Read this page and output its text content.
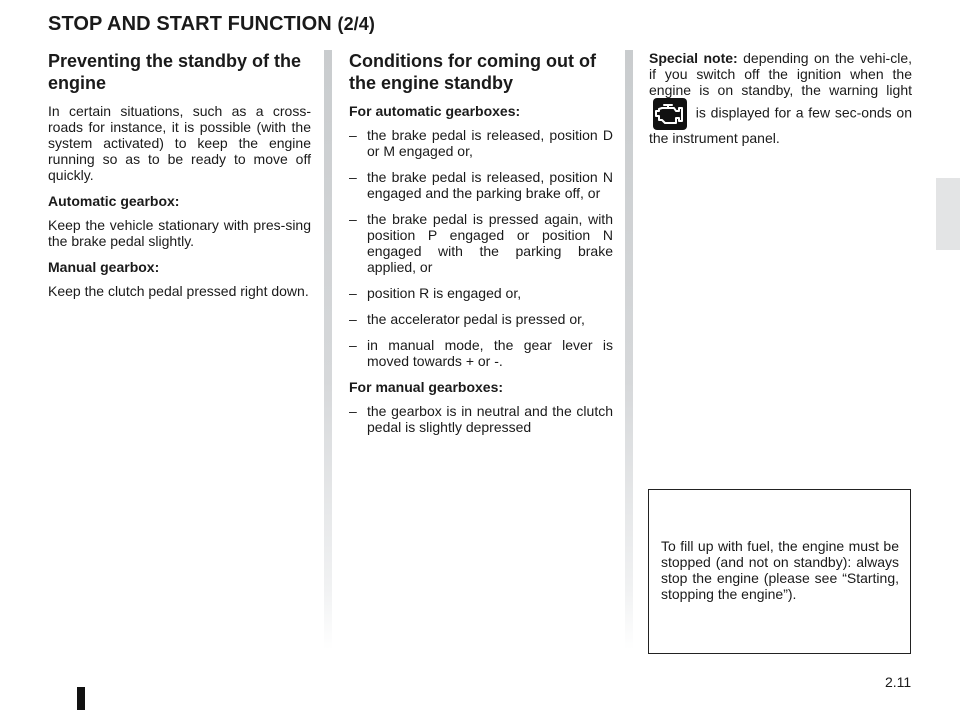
STOP AND START FUNCTION (2/4)
Preventing the standby of the engine

In certain situations, such as a cross-roads for instance, it is possible (with the system activated) to keep the engine running so as to be ready to move off quickly.

Automatic gearbox:

Keep the vehicle stationary with pres-sing the brake pedal slightly.

Manual gearbox:

Keep the clutch pedal pressed right down.

Conditions for coming out of the engine standby

For automatic gearboxes:

– the brake pedal is released, position D or M engaged or,
– the brake pedal is released, position N engaged and the parking brake off, or
– the brake pedal is pressed again, with position P engaged or position N engaged with the parking brake applied, or
– position R is engaged or,
– the accelerator pedal is pressed or,
– in manual mode, the gear lever is moved towards + or -.

For manual gearboxes:

– the gearbox is in neutral and the clutch pedal is slightly depressed

Special note: depending on the vehi-cle, if you switch off the ignition when the engine is on standby, the warning light
is displayed for a few sec-onds on the instrument panel.

To fill up with fuel, the engine must be stopped (and not on standby): always stop the engine (please see “Starting, stopping the engine”).

2.11
